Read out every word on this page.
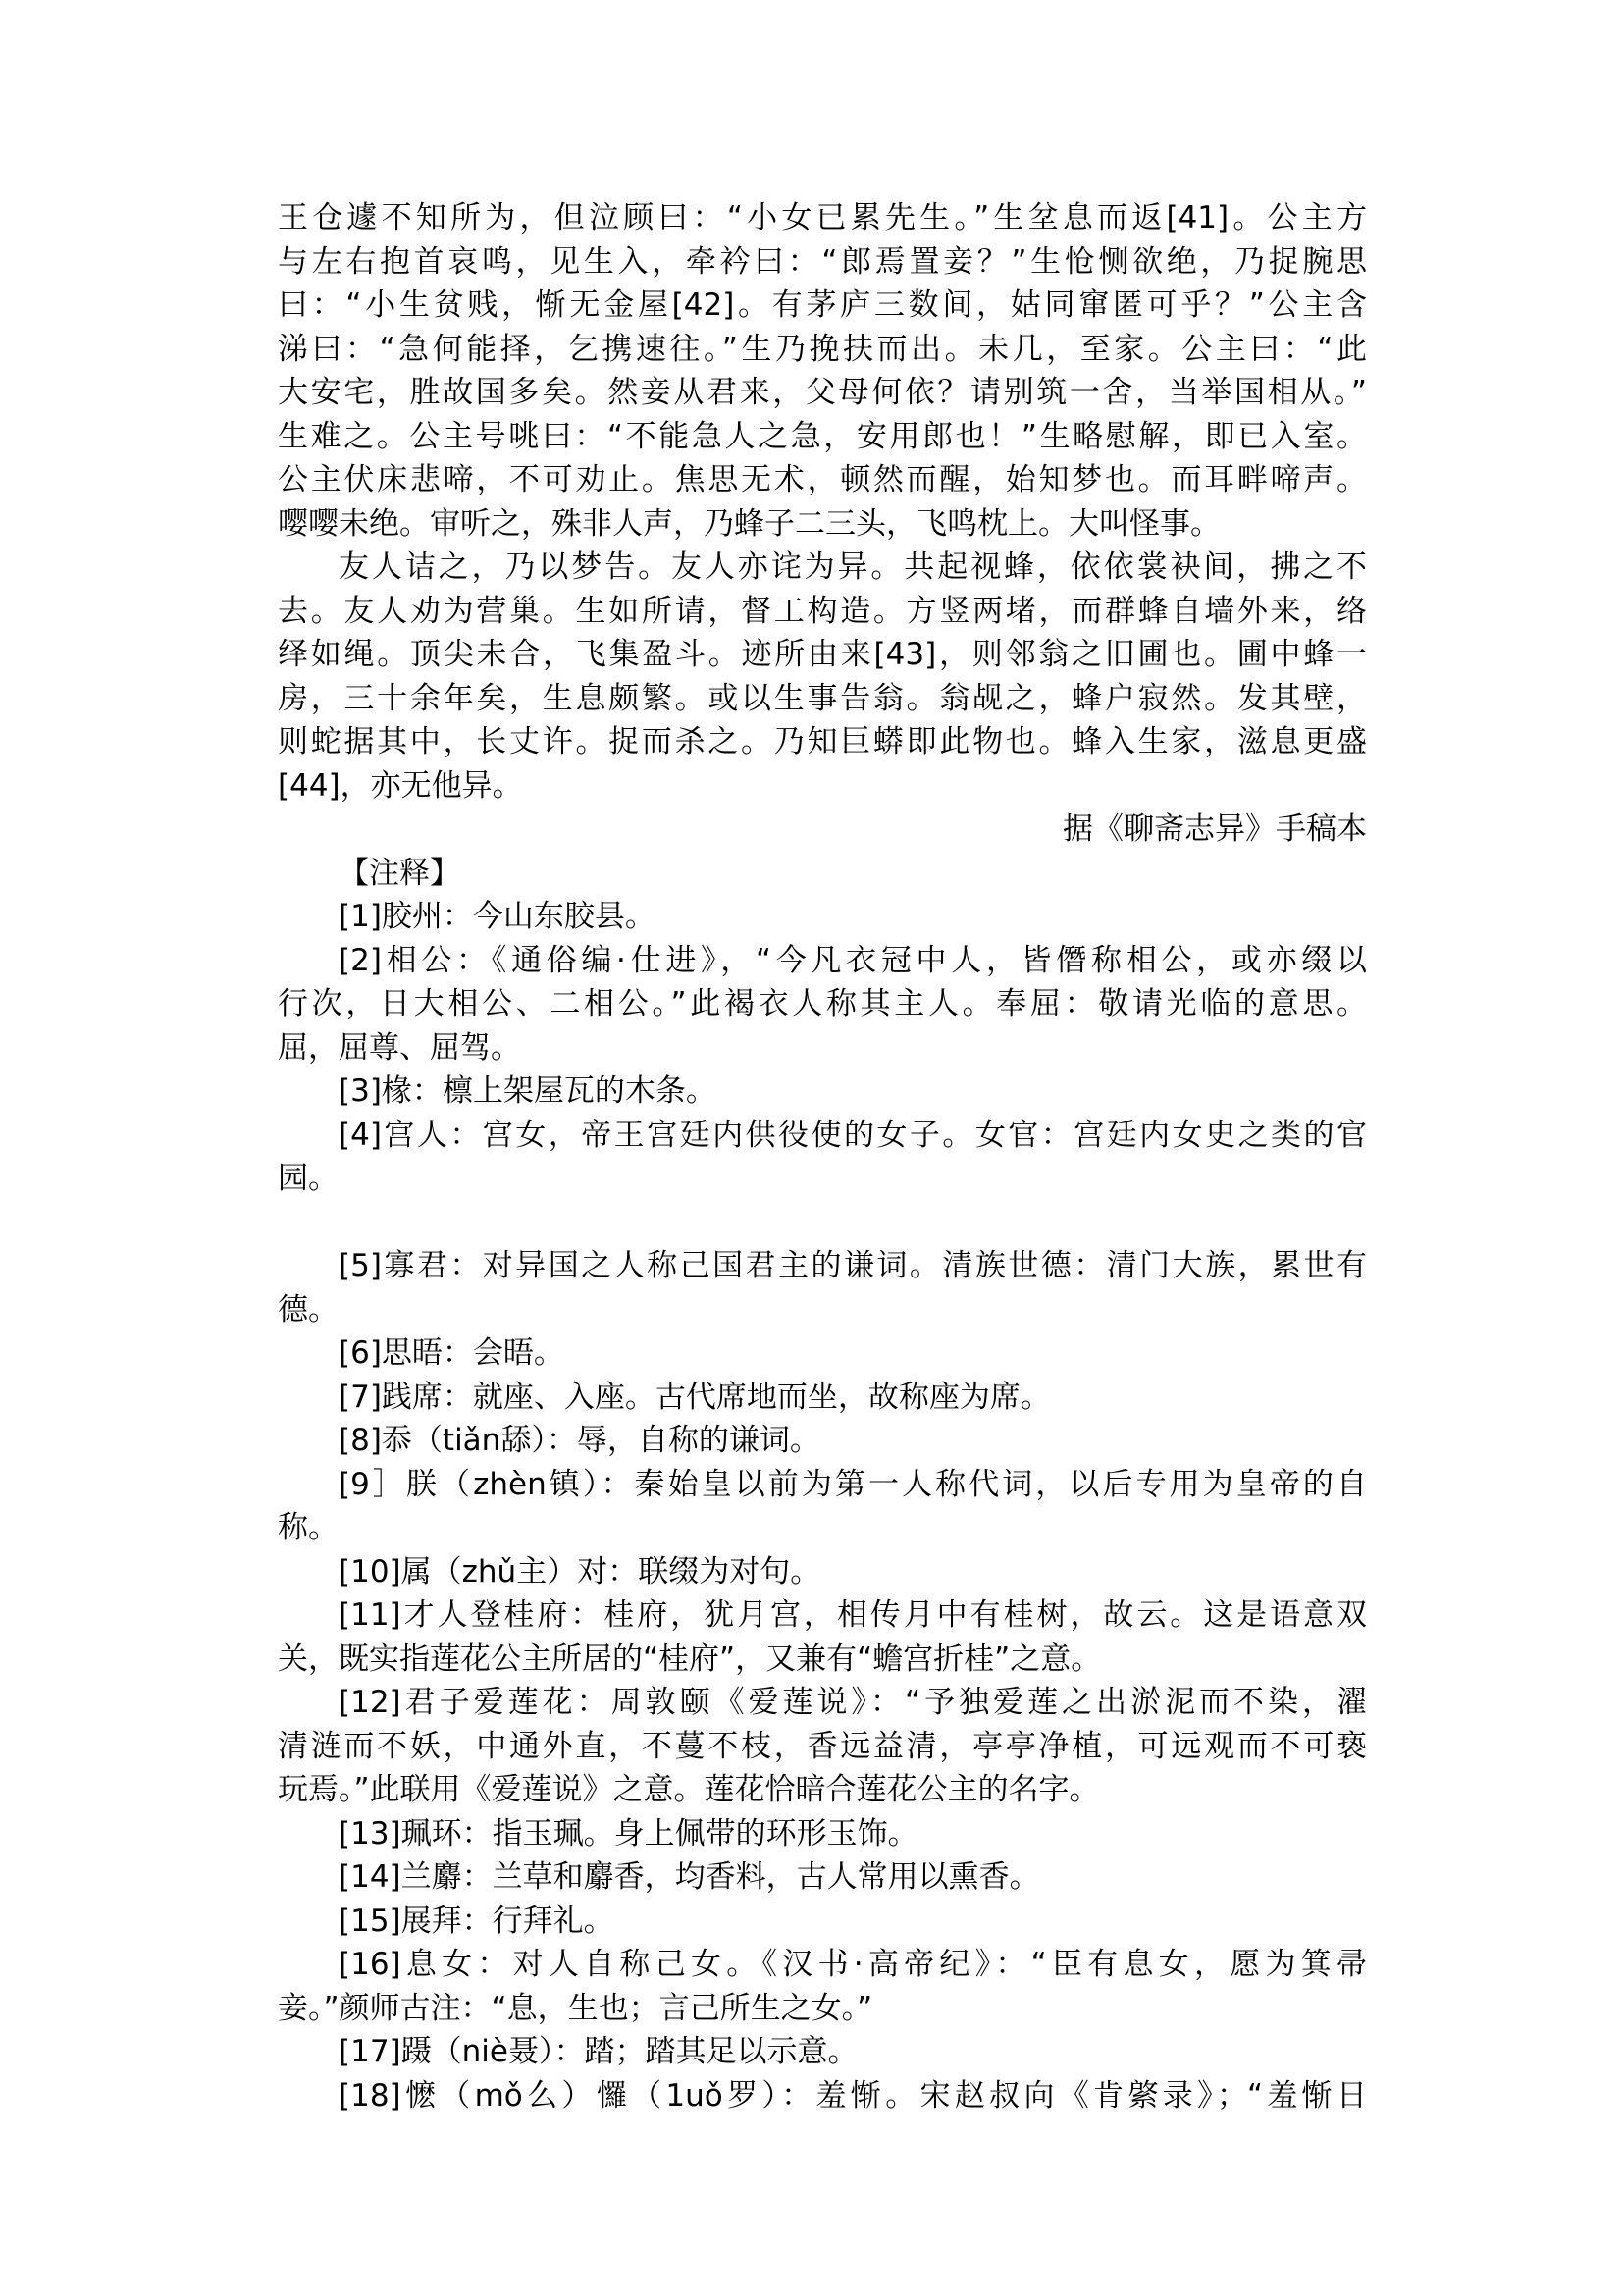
王仓遽不知所为，但泣顾曰：“小女已累先生。”生坌息而返[41]。公主方
与左右抱首哀鸣，见生入，牵衿曰：“郎焉置妾？”生怆恻欲绝，乃捉腕思
曰：“小生贫贱，惭无金屋[42]。有茅庐三数间，姑同窜匿可乎？”公主含
涕曰：“急何能择，乞携速往。”生乃挽扶而出。未几，至家。公主曰：“此
大安宅，胜故国多矣。然妾从君来，父母何依？请别筑一舍，当举国相从。”
生难之。公主号咷曰：“不能急人之急，安用郎也！”生略慰解，即已入室。
公主伏床悲啼，不可劝止。焦思无术，顿然而醒，始知梦也。而耳畔啼声。
嘤嘤未绝。审听之，殊非人声，乃蜂子二三头，飞鸣枕上。大叫怪事。
友人诘之，乃以梦告。友人亦诧为异。共起视蜂，依依裳袂间，拂之不
去。友人劝为营巢。生如所请，督工构造。方竖两堵，而群蜂自墙外来，络
绎如绳。顶尖未合，飞集盈斗。迹所由来[43]，则邻翁之旧圃也。圃中蜂一
房，三十余年矣，生息颇繁。或以生事告翁。翁觇之，蜂户寂然。发其壁，
则蛇据其中，长丈许。捉而杀之。乃知巨蟒即此物也。蜂入生家，滋息更盛
[44]，亦无他异。
据《聊斋志异》手稿本
【注释】
[1]胶州：今山东胶县。
[2]相公：《通俗编·仕进》，“今凡衣冠中人，皆僭称相公，或亦缀以
行次，日大相公、二相公。”此褐衣人称其主人。奉屈：敬请光临的意思。
屈，屈尊、屈驾。
[3]椽：檩上架屋瓦的木条。
[4]宫人：宫女，帝王宫廷内供役使的女子。女官：宫廷内女史之类的官
园。
[5]寡君：对异国之人称己国君主的谦词。清族世德：清门大族，累世有
德。
[6]思晤：会晤。
[7]践席：就座、入座。古代席地而坐，故称座为席。
[8]忝（tiǎn舔）：辱，自称的谦词。
[9］朕（zhèn镇）：秦始皇以前为第一人称代词，以后专用为皇帝的自
称。
[10]属（zhǔ主）对：联缀为对句。
[11]才人登桂府：桂府，犹月宫，相传月中有桂树，故云。这是语意双
关，既实指莲花公主所居的“桂府”，又兼有“蟾宫折桂”之意。
[12]君子爱莲花：周敦颐《爱莲说》：“予独爱莲之出淤泥而不染，濯
清涟而不妖，中通外直，不蔓不枝，香远益清，亭亭净植，可远观而不可亵
玩焉。”此联用《爱莲说》之意。莲花恰暗合莲花公主的名字。
[13]珮环：指玉珮。身上佩带的环形玉饰。
[14]兰麝：兰草和麝香，均香料，古人常用以熏香。
[15]展拜：行拜礼。
[16]息女：对人自称己女。《汉书·高帝纪》：“臣有息女，愿为箕帚
妾。”颜师古注：“息，生也；言己所生之女。”
[17]蹑（niè聂）：踏；踏其足以示意。
[18]懡（mǒ么）㦬（1uǒ罗）：羞惭。宋赵叔向《肯綮录》；“羞惭日
